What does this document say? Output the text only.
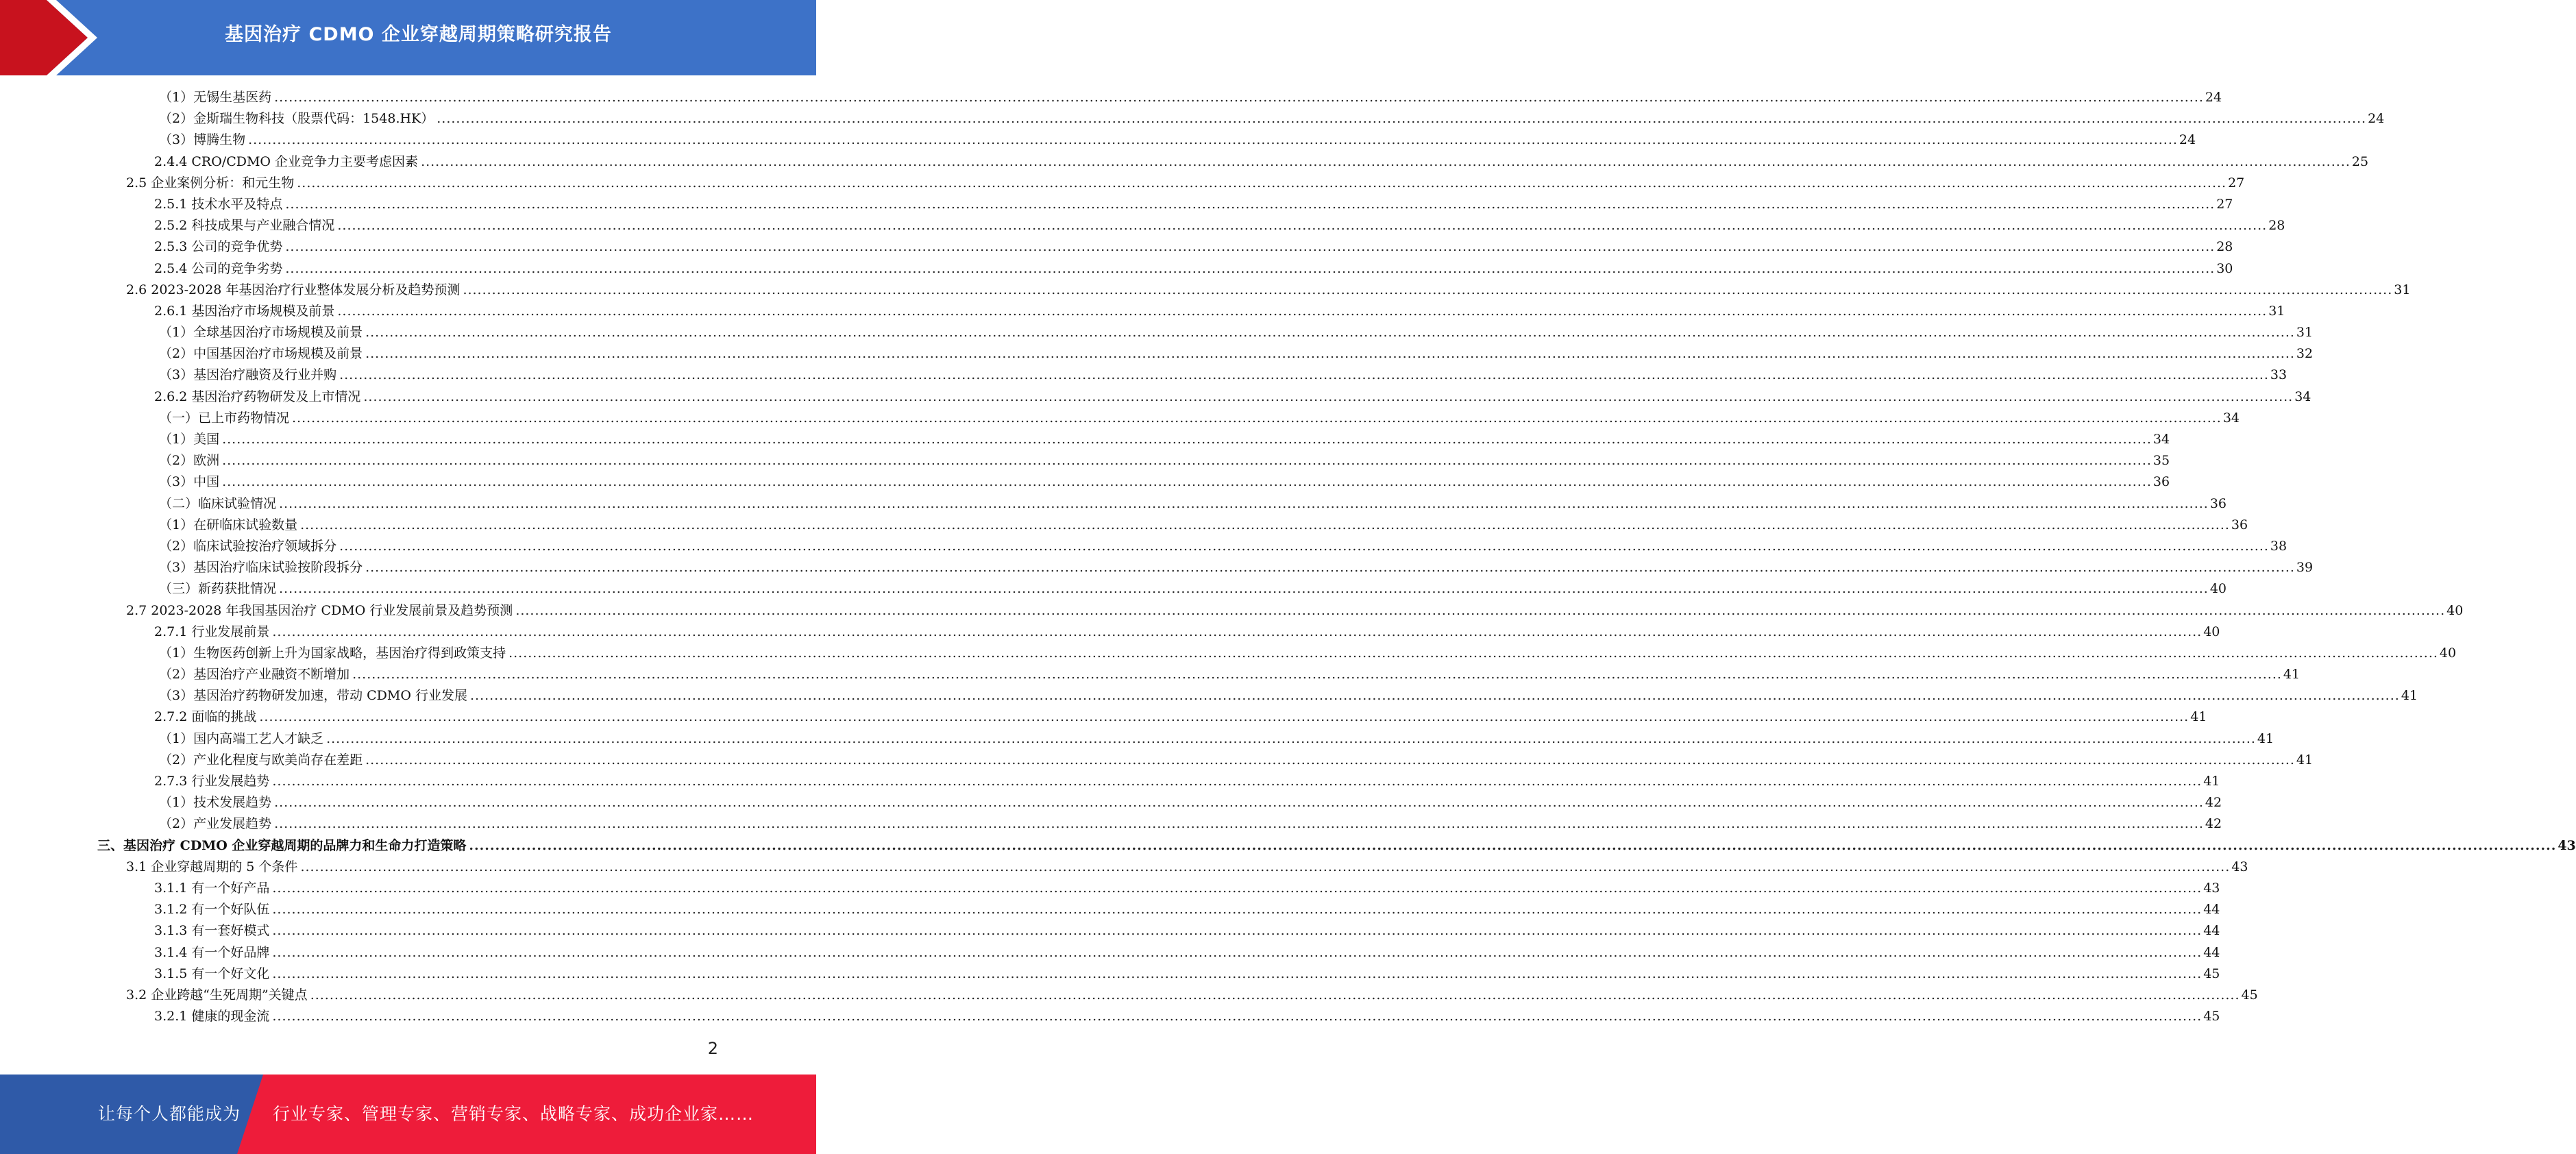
基因治疗 CDMO 企业穿越周期策略研究报告
（1）无锡生基医药 ................................................................................................................................................................................................................................................................................................................................................................................................................ 24
（2）金斯瑞生物科技（股票代码：1548.HK） ................................................................................................................................................................................................................................................................................................................................................................................................................ 24
（3）博腾生物 ................................................................................................................................................................................................................................................................................................................................................................................................................ 24
2.4.4 CRO/CDMO 企业竞争力主要考虑因素 ................................................................................................................................................................................................................................................................................................................................................................................................................ 25
2.5 企业案例分析：和元生物 ................................................................................................................................................................................................................................................................................................................................................................................................................ 27
2.5.1 技术水平及特点 ................................................................................................................................................................................................................................................................................................................................................................................................................ 27
2.5.2 科技成果与产业融合情况 ................................................................................................................................................................................................................................................................................................................................................................................................................ 28
2.5.3 公司的竞争优势 ................................................................................................................................................................................................................................................................................................................................................................................................................ 28
2.5.4 公司的竞争劣势 ................................................................................................................................................................................................................................................................................................................................................................................................................ 30
2.6 2023-2028 年基因治疗行业整体发展分析及趋势预测 ................................................................................................................................................................................................................................................................................................................................................................................................................ 31
2.6.1 基因治疗市场规模及前景 ................................................................................................................................................................................................................................................................................................................................................................................................................ 31
（1）全球基因治疗市场规模及前景 ................................................................................................................................................................................................................................................................................................................................................................................................................ 31
（2）中国基因治疗市场规模及前景 ................................................................................................................................................................................................................................................................................................................................................................................................................ 32
（3）基因治疗融资及行业并购 ................................................................................................................................................................................................................................................................................................................................................................................................................ 33
2.6.2 基因治疗药物研发及上市情况 ................................................................................................................................................................................................................................................................................................................................................................................................................ 34
（一）已上市药物情况 ................................................................................................................................................................................................................................................................................................................................................................................................................ 34
（1）美国 ................................................................................................................................................................................................................................................................................................................................................................................................................ 34
（2）欧洲 ................................................................................................................................................................................................................................................................................................................................................................................................................ 35
（3）中国 ................................................................................................................................................................................................................................................................................................................................................................................................................ 36
（二）临床试验情况 ................................................................................................................................................................................................................................................................................................................................................................................................................ 36
（1）在研临床试验数量 ................................................................................................................................................................................................................................................................................................................................................................................................................ 36
（2）临床试验按治疗领域拆分 ................................................................................................................................................................................................................................................................................................................................................................................................................ 38
（3）基因治疗临床试验按阶段拆分 ................................................................................................................................................................................................................................................................................................................................................................................................................ 39
（三）新药获批情况 ................................................................................................................................................................................................................................................................................................................................................................................................................ 40
2.7 2023-2028 年我国基因治疗 CDMO 行业发展前景及趋势预测 ................................................................................................................................................................................................................................................................................................................................................................................................................ 40
2.7.1 行业发展前景 ................................................................................................................................................................................................................................................................................................................................................................................................................ 40
（1）生物医药创新上升为国家战略，基因治疗得到政策支持 ................................................................................................................................................................................................................................................................................................................................................................................................................ 40
（2）基因治疗产业融资不断增加 ................................................................................................................................................................................................................................................................................................................................................................................................................ 41
（3）基因治疗药物研发加速，带动 CDMO 行业发展 ................................................................................................................................................................................................................................................................................................................................................................................................................ 41
2.7.2 面临的挑战 ................................................................................................................................................................................................................................................................................................................................................................................................................ 41
（1）国内高端工艺人才缺乏 ................................................................................................................................................................................................................................................................................................................................................................................................................ 41
（2）产业化程度与欧美尚存在差距 ................................................................................................................................................................................................................................................................................................................................................................................................................ 41
2.7.3 行业发展趋势 ................................................................................................................................................................................................................................................................................................................................................................................................................ 41
（1）技术发展趋势 ................................................................................................................................................................................................................................................................................................................................................................................................................ 42
（2）产业发展趋势 ................................................................................................................................................................................................................................................................................................................................................................................................................ 42
三、基因治疗 CDMO 企业穿越周期的品牌力和生命力打造策略 ................................................................................................................................................................................................................................................................................................................................................................................................................ 43
3.1 企业穿越周期的 5 个条件 ................................................................................................................................................................................................................................................................................................................................................................................................................ 43
3.1.1 有一个好产品 ................................................................................................................................................................................................................................................................................................................................................................................................................ 43
3.1.2 有一个好队伍 ................................................................................................................................................................................................................................................................................................................................................................................................................ 44
3.1.3 有一套好模式 ................................................................................................................................................................................................................................................................................................................................................................................................................ 44
3.1.4 有一个好品牌 ................................................................................................................................................................................................................................................................................................................................................................................................................ 44
3.1.5 有一个好文化 ................................................................................................................................................................................................................................................................................................................................................................................................................ 45
3.2 企业跨越“生死周期”关键点 ................................................................................................................................................................................................................................................................................................................................................................................................................ 45
3.2.1 健康的现金流 ................................................................................................................................................................................................................................................................................................................................................................................................................ 45
2
让每个人都能成为 行业专家、管理专家、营销专家、战略专家、成功企业家……
